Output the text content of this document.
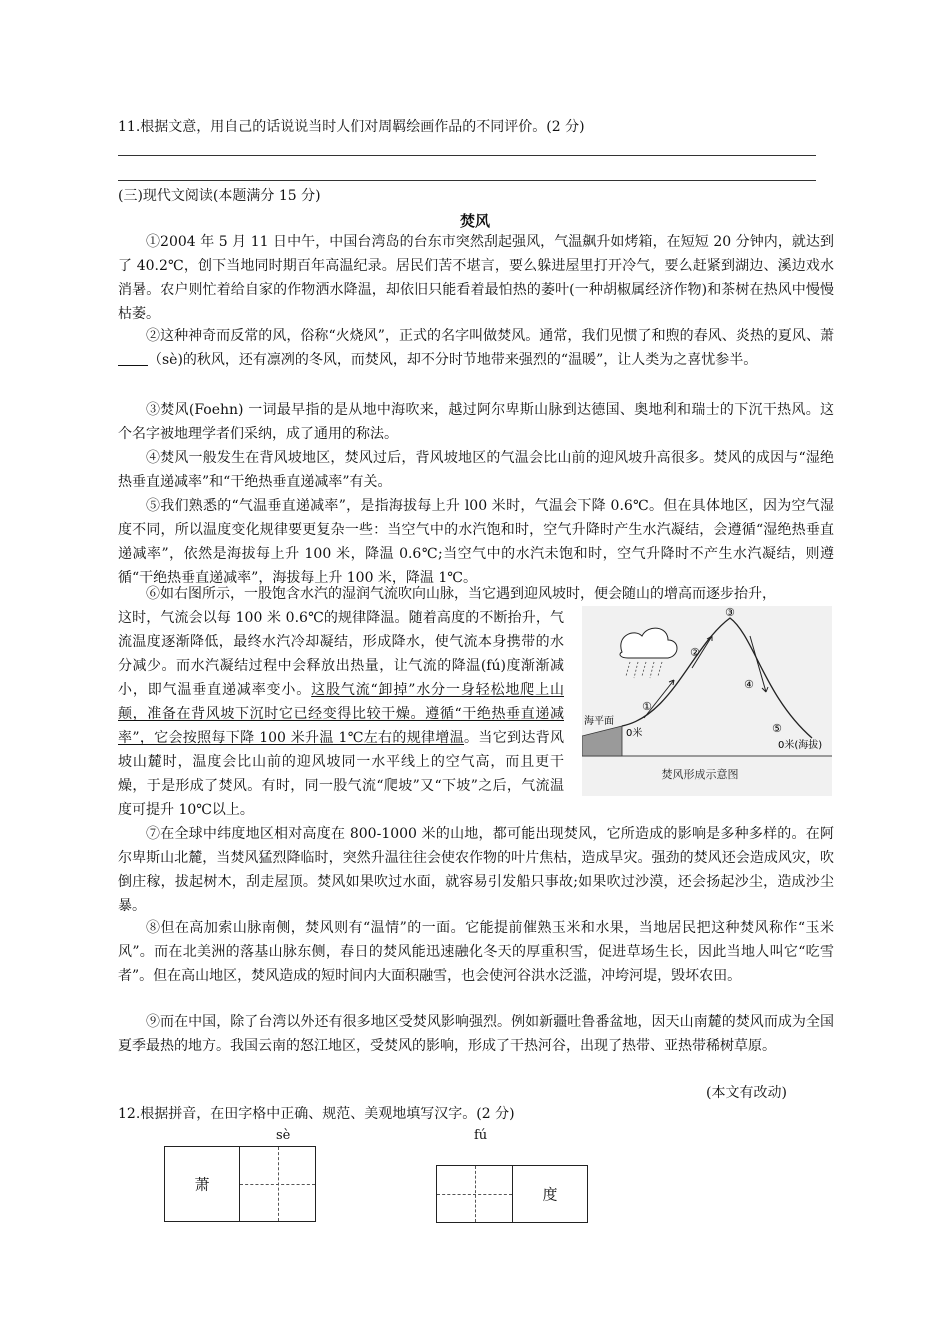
11.根据文意，用自己的话说说当时人们对周羁绘画作品的不同评价。(2 分)
(三)现代文阅读(本题满分 15 分)
焚风

①2004 年 5 月 11 日中午，中国台湾岛的台东市突然刮起强风，气温飙升如烤箱，在短短 20 分钟内，就达到了 40.2℃，创下当地同时期百年高温纪录。居民们苦不堪言，要么躲进屋里打开冷气，要么赶紧到湖边、溪边戏水消暑。农户则忙着给自家的作物洒水降温，却依旧只能看着最怕热的萎叶(一种胡椒属经济作物)和茶树在热风中慢慢枯萎。

②这种神奇而反常的风，俗称“火烧风”，正式的名字叫做焚风。通常，我们见惯了和煦的春风、炎热的夏风、萧（sè)的秋风，还有凛冽的冬风，而焚风，却不分时节地带来强烈的“温暖”，让人类为之喜忧参半。

③焚风(Foehn) 一词最早指的是从地中海吹来，越过阿尔卑斯山脉到达德国、奥地利和瑞士的下沉干热风。这个名字被地理学者们采纳，成了通用的称法。

④焚风一般发生在背风坡地区，焚风过后，背风坡地区的气温会比山前的迎风坡升高很多。焚风的成因与“湿绝热垂直递减率”和“干绝热垂直递减率”有关。

⑤我们熟悉的“气温垂直递减率”，是指海拔每上升 l00 米时，气温会下降 0.6℃。但在具体地区，因为空气湿度不同，所以温度变化规律要更复杂一些：当空气中的水汽饱和时，空气升降时产生水汽凝结，会遵循“湿绝热垂直递减率”，依然是海拔每上升 100 米，降温 0.6℃;当空气中的水汽未饱和时，空气升降时不产生水汽凝结，则遵循“干绝热垂直递减率”，海拔每上升 100 米，降温 1℃。

⑥如右图所示，一股饱含水汽的湿润气流吹向山脉，当它遇到迎风坡时，便会随山的增高而逐步抬升，

这时，气流会以每 100 米 0.6℃的规律降温。随着高度的不断抬升，气流温度逐渐降低，最终水汽冷却凝结，形成降水，使气流本身携带的水分减少。而水汽凝结过程中会释放出热量，让气流的降温(fú)度渐渐减小，即气温垂直递减率变小。这股气流“卸掉”水分一身轻松地爬上山颠，准备在背风坡下沉时它已经变得比较干燥。遵循“干绝热垂直递减率”，它会按照每下降 100 米升温 1℃左右的规律增温。当它到达背风坡山麓时，温度会比山前的迎风坡同一水平线上的空气高，而且更干燥，于是形成了焚风。有时，同一股气流“爬坡”又“下坡”之后，气流温度可提升 10℃以上。

①
②
③
④
⑤
海平面
0米
0米(海拔)
焚风形成示意图

⑦在全球中纬度地区相对高度在 800-1000 米的山地，都可能出现焚风，它所造成的影响是多种多样的。在阿尔卑斯山北麓，当焚风猛烈降临时，突然升温往往会使农作物的叶片焦枯，造成旱灾。强劲的焚风还会造成风灾，吹倒庄稼，拔起树木，刮走屋顶。焚风如果吹过水面，就容易引发船只事故;如果吹过沙漠，还会扬起沙尘，造成沙尘暴。

⑧但在高加索山脉南侧，焚风则有“温情”的一面。它能提前催熟玉米和水果，当地居民把这种焚风称作“玉米风”。而在北美洲的落基山脉东侧，春日的焚风能迅速融化冬天的厚重积雪，促进草场生长，因此当地人叫它“吃雪者”。但在高山地区，焚风造成的短时间内大面积融雪，也会使河谷洪水泛滥，冲垮河堤，毁坏农田。

⑨而在中国，除了台湾以外还有很多地区受焚风影响强烈。例如新疆吐鲁番盆地，因天山南麓的焚风而成为全国夏季最热的地方。我国云南的怒江地区，受焚风的影响，形成了干热河谷，出现了热带、亚热带稀树草原。

(本文有改动)
12.根据拼音，在田字格中正确、规范、美观地填写汉字。(2 分)
sè
萧
fú
度
